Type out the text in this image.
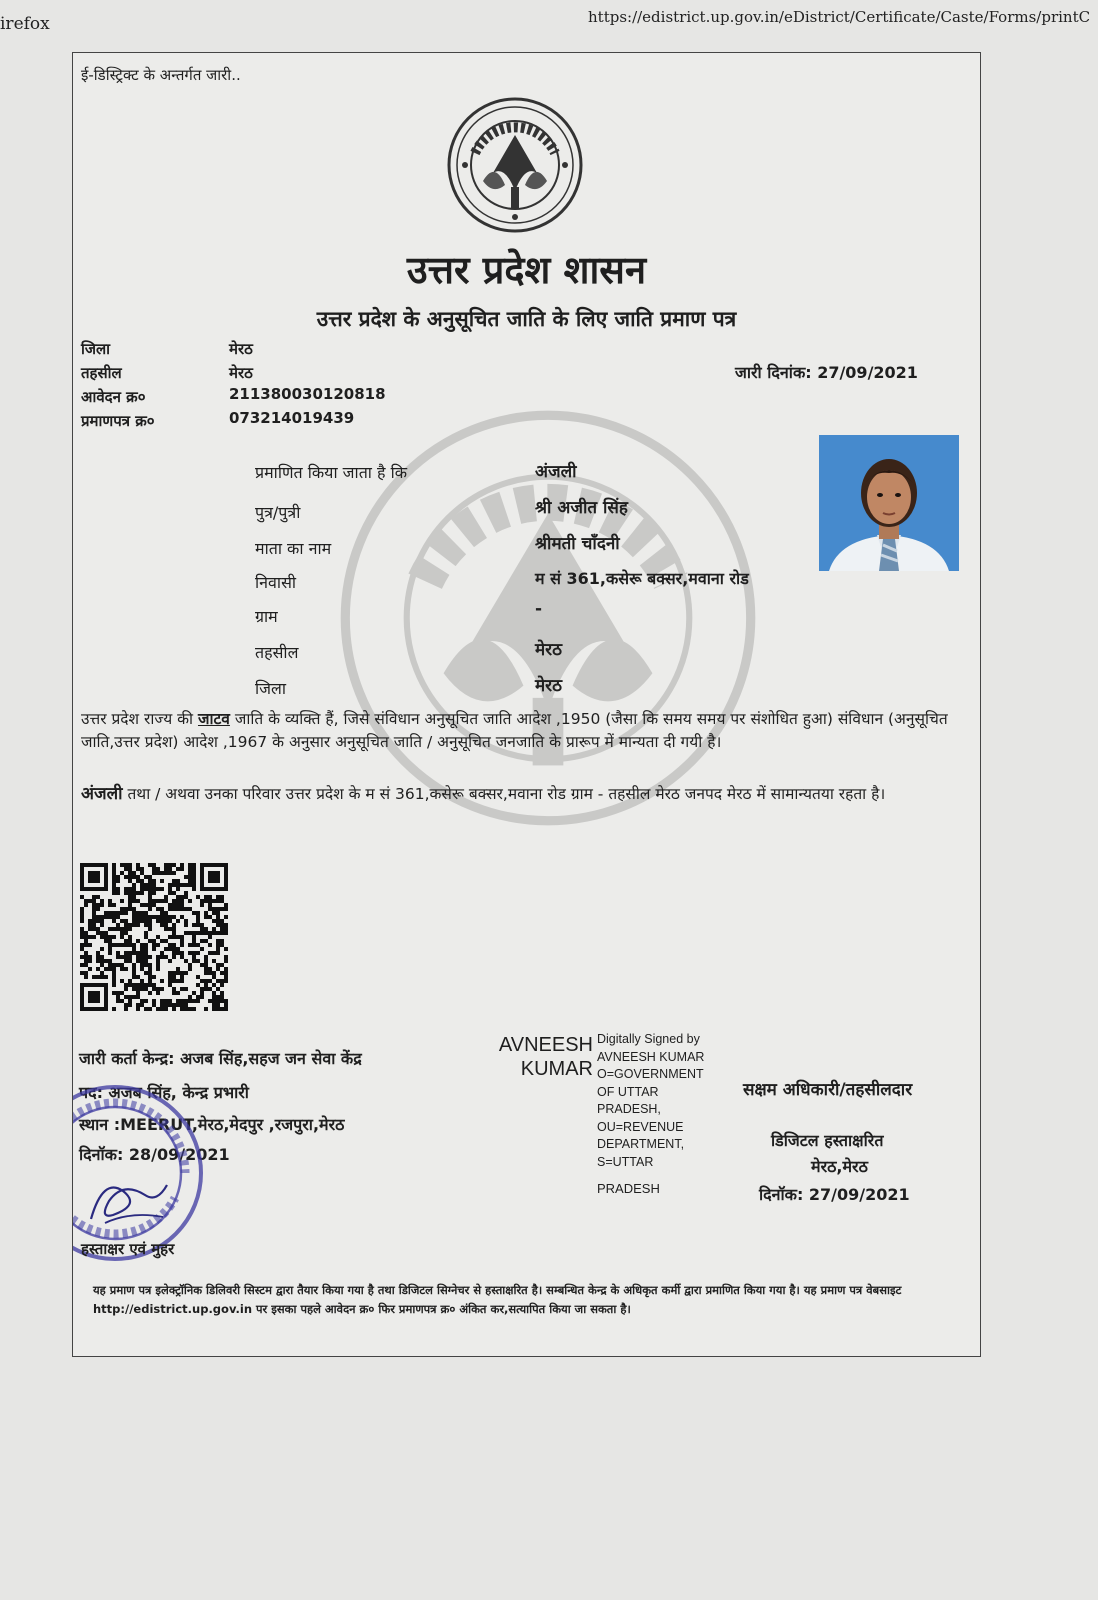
irefox	https://edistrict.up.gov.in/eDistrict/Certificate/Caste/Forms/printC
ई-डिस्ट्रिक्ट के अन्तर्गत जारी..
उत्तर प्रदेश शासन
उत्तर प्रदेश के अनुसूचित जाति के लिए जाति प्रमाण पत्र
जिला	मेरठ
तहसील	मेरठ
आवेदन क्र०	211380030120818
प्रमाणपत्र क्र०	073214019439
जारी दिनांक: 27/09/2021
प्रमाणित किया जाता है कि	अंजली
पुत्र/पुत्री	श्री अजीत सिंह
माता का नाम	श्रीमती चाँदनी
निवासी	म सं 361,कसेरू बक्सर,मवाना रोड
ग्राम	-
तहसील	मेरठ
जिला	मेरठ
उत्तर प्रदेश राज्य की जाटव जाति के व्यक्ति हैं, जिसे संविधान अनुसूचित जाति आदेश ,1950 (जैसा कि समय समय पर संशोधित हुआ) संविधान (अनुसूचित जाति,उत्तर प्रदेश) आदेश ,1967 के अनुसार अनुसूचित जाति / अनुसूचित जनजाति के प्रारूप में मान्यता दी गयी है।
अंजली तथा / अथवा उनका परिवार उत्तर प्रदेश के म सं 361,कसेरू बक्सर,मवाना रोड ग्राम - तहसील मेरठ जनपद मेरठ में सामान्यतया रहता है।
जारी कर्ता केन्द्र: अजब सिंह,सहज जन सेवा केंद्र
पद: अजब सिंह, केन्द्र प्रभारी
स्थान :MEERUT,मेरठ,मेदपुर ,रजपुरा,मेरठ
दिनॉक: 28/09/2021
AVNEESH
KUMAR
Digitally Signed by
AVNEESH KUMAR
O=GOVERNMENT
OF UTTAR
PRADESH,
OU=REVENUE
DEPARTMENT,
S=UTTAR
PRADESH
सक्षम अधिकारी/तहसीलदार
डिजिटल हस्ताक्षरित
मेरठ,मेरठ
दिनॉक: 27/09/2021
हस्ताक्षर एवं मुहर
यह प्रमाण पत्र इलेक्ट्रॉनिक डिलिवरी सिस्टम द्वारा तैयार किया गया है तथा डिजिटल सिग्नेचर से हस्ताक्षरित है। सम्बन्धित केन्द्र के अधिकृत कर्मी द्वारा प्रमाणित किया गया है। यह प्रमाण पत्र वेबसाइट http://edistrict.up.gov.in पर इसका पहले आवेदन क्र० फिर प्रमाणपत्र क्र० अंकित कर,सत्यापित किया जा सकता है।
